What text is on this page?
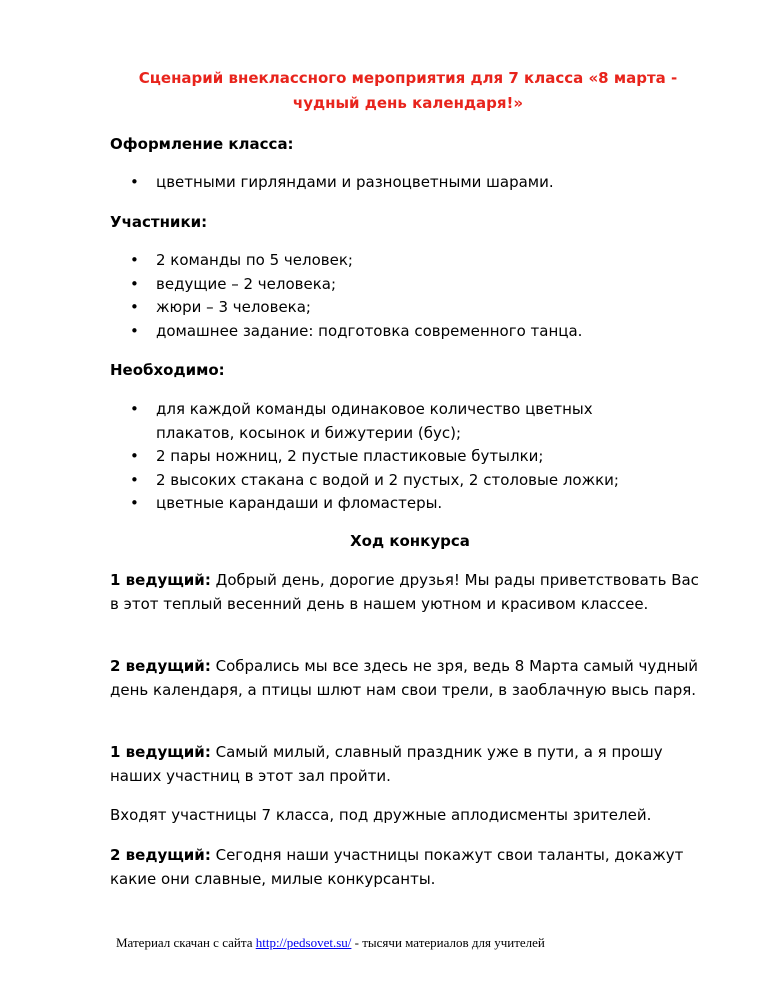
Сценарий внеклассного мероприятия для 7 класса «8 марта -
чудный день календаря!»
Оформление класса:
• цветными гирляндами и разноцветными шарами.
Участники:
• 2 команды по 5 человек;
• ведущие – 2 человека;
• жюри – 3 человека;
• домашнее задание: подготовка современного танца.
Необходимо:
• для каждой команды одинаковое количество цветных плакатов, косынок и бижутерии (бус);
• 2 пары ножниц, 2 пустые пластиковые бутылки;
• 2 высоких стакана с водой и 2 пустых, 2 столовые ложки;
• цветные карандаши и фломастеры.
Ход конкурса
1 ведущий: Добрый день, дорогие друзья! Мы рады приветствовать Вас в этот теплый весенний день в нашем уютном и красивом классее.
2 ведущий: Собрались мы все здесь не зря, ведь 8 Марта самый чудный день календаря, а птицы шлют нам свои трели, в заоблачную высь паря.
1 ведущий: Самый милый, славный праздник уже в пути, а я прошу наших участниц в этот зал пройти.
Входят участницы 7 класса, под дружные аплодисменты зрителей.
2 ведущий: Сегодня наши участницы покажут свои таланты, докажут какие они славные, милые конкурсанты.
Материал скачан с сайта http://pedsovet.su/ - тысячи материалов для учителей
